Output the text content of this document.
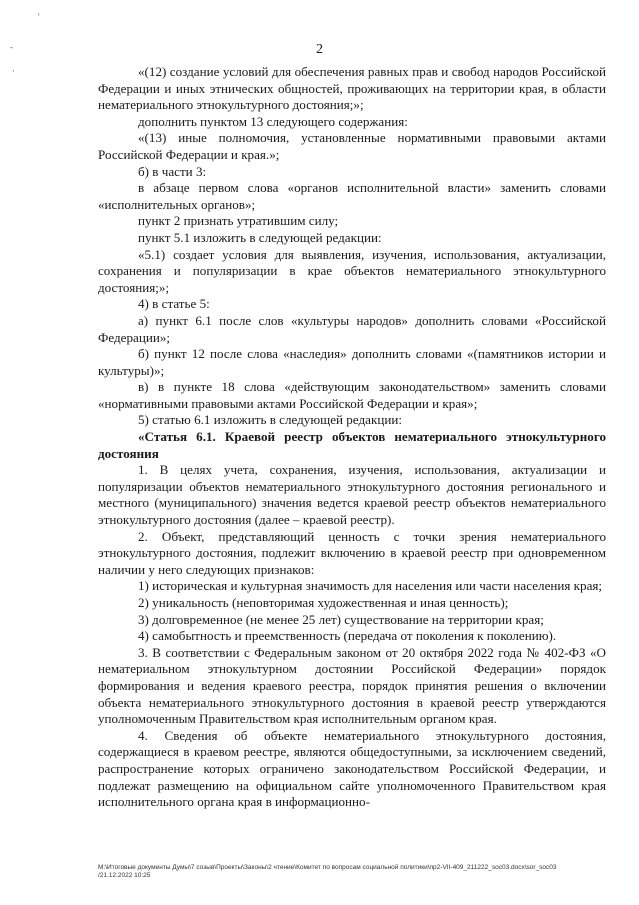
'
-
·
2

«(12) создание условий для обеспечения равных прав и свобод народов Российской Федерации и иных этнических общностей, проживающих на территории края, в области нематериального этнокультурного достояния;»;

дополнить пунктом 13 следующего содержания:

«(13) иные полномочия, установленные нормативными правовыми актами Российской Федерации и края.»;

б) в части 3:

в абзаце первом слова «органов исполнительной власти» заменить словами «исполнительных органов»;

пункт 2 признать утратившим силу;

пункт 5.1 изложить в следующей редакции:

«5.1) создает условия для выявления, изучения, использования, актуализации, сохранения и популяризации в крае объектов нематериального этнокультурного достояния;»;

4) в статье 5:

а) пункт 6.1 после слов «культуры народов» дополнить словами «Российской Федерации»;

б) пункт 12 после слова «наследия» дополнить словами «(памятников истории и культуры)»;

в) в пункте 18 слова «действующим законодательством» заменить словами «нормативными правовыми актами Российской Федерации и края»;

5) статью 6.1 изложить в следующей редакции:

«Статья 6.1. Краевой реестр объектов нематериального этнокультурного достояния

1. В целях учета, сохранения, изучения, использования, актуализации и популяризации объектов нематериального этнокультурного достояния регионального и местного (муниципального) значения ведется краевой реестр объектов нематериального этнокультурного достояния (далее – краевой реестр).

2. Объект, представляющий ценность с точки зрения нематериального этнокультурного достояния, подлежит включению в краевой реестр при одновременном наличии у него следующих признаков:

1) историческая и культурная значимость для населения или части населения края;

2) уникальность (неповторимая художественная и иная ценность);

3) долговременное (не менее 25 лет) существование на территории края;

4) самобытность и преемственность (передача от поколения к поколению).

3. В соответствии с Федеральным законом от 20 октября 2022 года № 402-ФЗ «О нематериальном этнокультурном достоянии Российской Федерации» порядок формирования и ведения краевого реестра, порядок принятия решения о включении объекта нематериального этнокультурного достояния в краевой реестр утверждаются уполномоченным Правительством края исполнительным органом края.

4. Сведения об объекте нематериального этнокультурного достояния, содержащиеся в краевом реестре, являются общедоступными, за исключением сведений, распространение которых ограничено законодательством Российской Федерации, и подлежат размещению на официальном сайте уполномоченного Правительством края исполнительного органа края в информационно-

M:\Итоговые документы Думы\7 созыв\Проекты\Законы\2 чтение\Комитет по вопросам социальной политики\пр2-VII-409_211222_soc03.docx\sor_soc03
/21.12.2022 10:25
